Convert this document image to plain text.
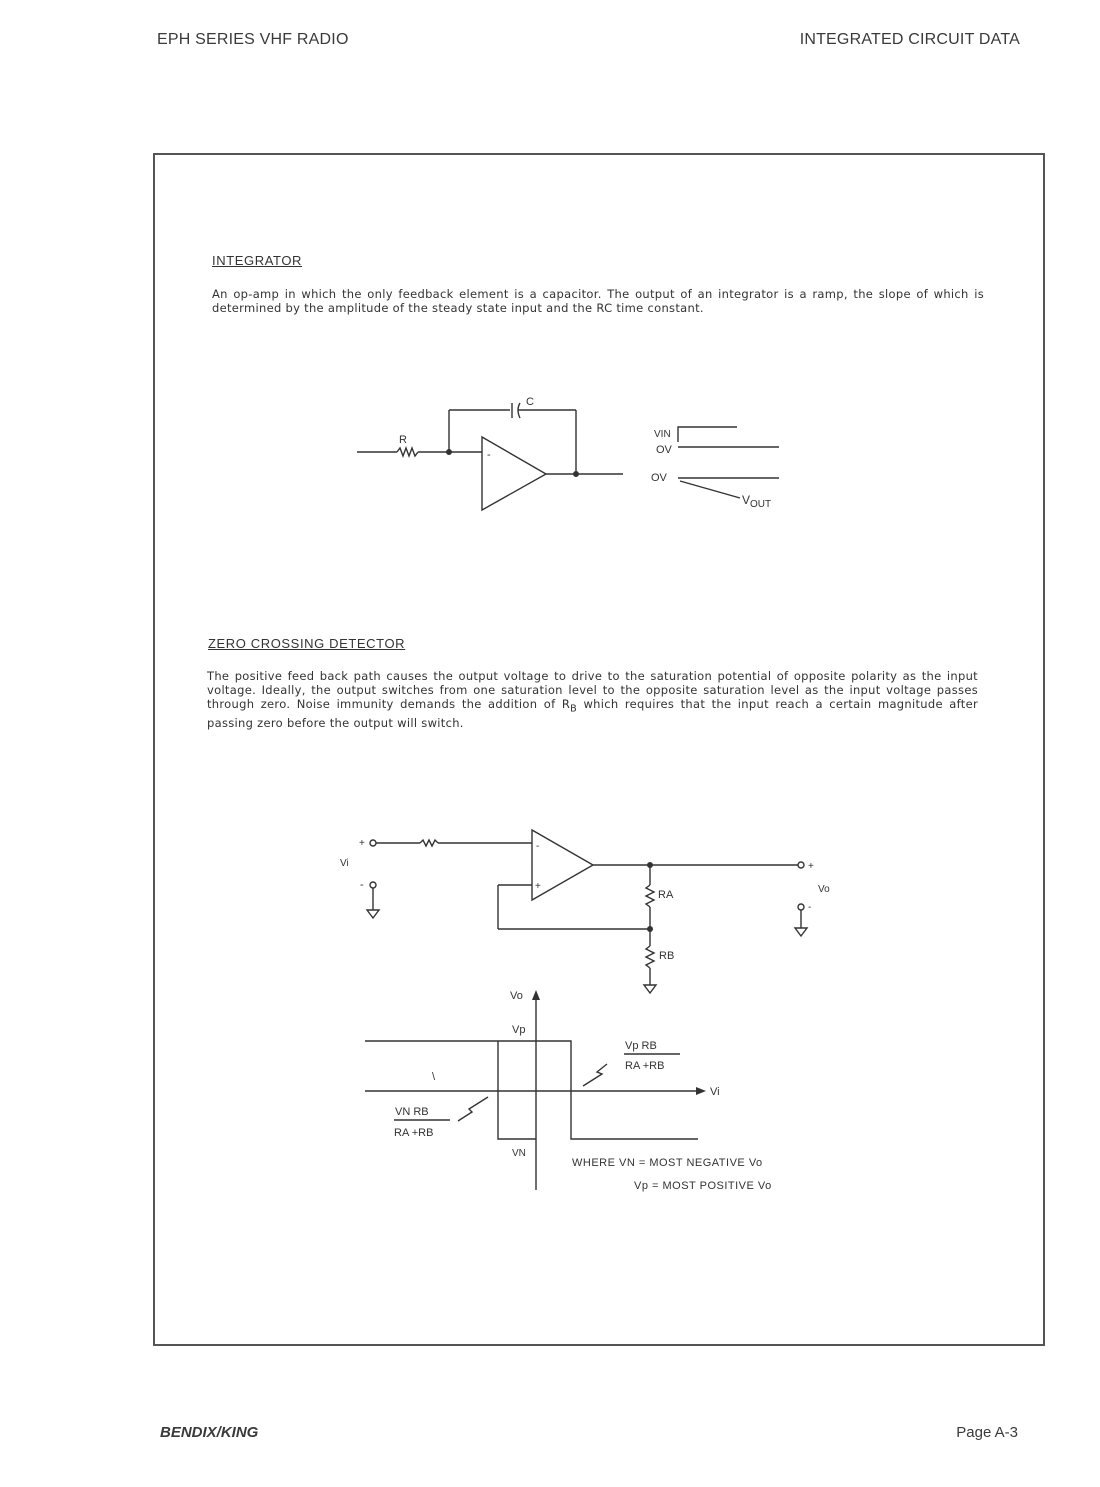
EPH SERIES VHF RADIO	INTEGRATED CIRCUIT DATA
INTEGRATOR
An op-amp in which the only feedback element is a capacitor. The output of an integrator is a ramp, the slope of which is determined by the amplitude of the steady state input and the RC time constant.
C
R
-
VIN
OV
OV
$V_{OUT}$
ZERO CROSSING DETECTOR
The positive feed back path causes the output voltage to drive to the saturation potential of opposite polarity as the input voltage. Ideally, the output switches from one saturation level to the opposite saturation level as the input voltage passes through zero. Noise immunity demands the addition of $R_B$ which requires that the input reach a certain magnitude after passing zero before the output will switch.
+
-
Vi
-
+
+
Vo
-
RA
RB
Vo
Vi
Vp
VN
\
Vp RB
RA +RB
VN RB
RA +RB
WHERE VN = MOST NEGATIVE Vo
Vp = MOST POSITIVE Vo
BENDIX/KING	Page A-3
